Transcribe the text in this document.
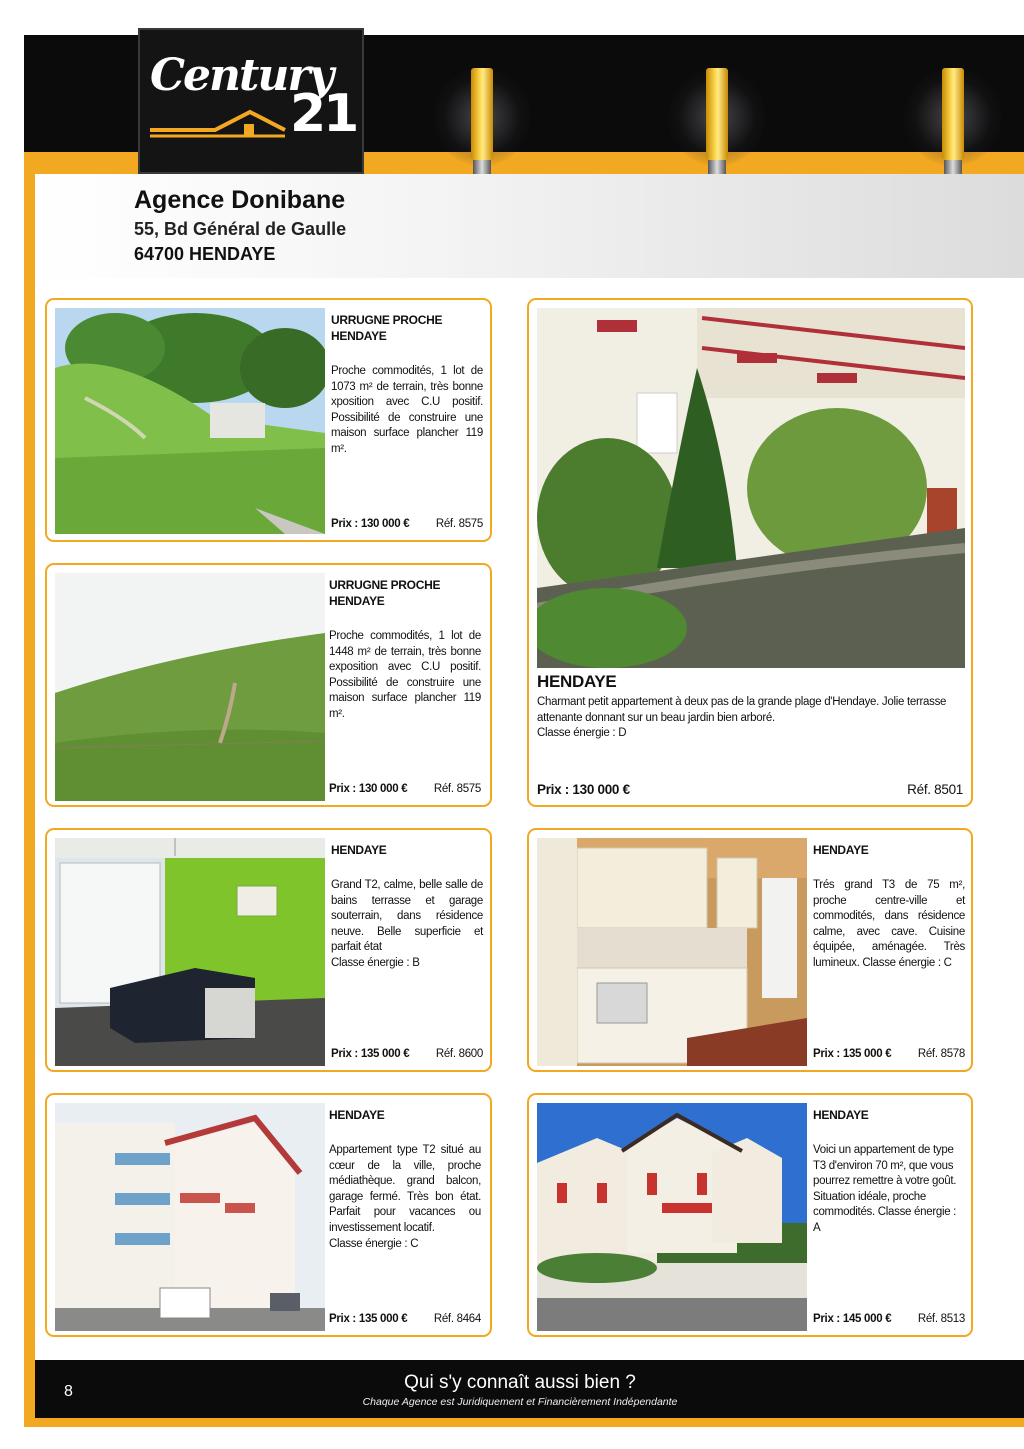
Century
21
Agence Donibane
55, Bd Général de Gaulle
64700 HENDAYE
URRUGNE PROCHE HENDAYE
Proche commodités, 1 lot de 1073 m² de terrain, très bonne xposition avec C.U positif. Possibilité de construire une maison surface plancher 119 m².
Prix : 130 000 €	Réf. 8575
URRUGNE PROCHE HENDAYE
Proche commodités, 1 lot de 1448 m² de terrain, très bonne exposition avec C.U positif. Possibilité de construire une maison surface plancher 119 m².
Prix : 130 000 €	Réf. 8575
HENDAYE
Charmant petit appartement à deux pas de la grande plage d'Hendaye. Jolie terrasse attenante donnant sur un beau jardin bien arboré.
Classe énergie : D
Prix : 130 000 €	Réf. 8501
HENDAYE
Grand T2, calme, belle salle de bains terrasse et garage souterrain, dans résidence neuve. Belle superficie et parfait état
Classe énergie : B
Prix : 135 000 €	Réf. 8600
HENDAYE
Trés grand T3 de 75 m², proche centre-ville et commodités, dans résidence calme, avec cave. Cuisine équipée, aménagée. Très lumineux. Classe énergie : C
Prix : 135 000 €	Réf. 8578
HENDAYE
Appartement type T2 situé au cœur de la ville, proche médiathèque. grand balcon, garage fermé. Très bon état. Parfait pour vacances ou investissement locatif.
Classe énergie : C
Prix : 135 000 €	Réf. 8464
HENDAYE
Voici un appartement de type T3 d'environ 70 m², que vous pourrez remettre à votre goût. Situation idéale, proche commodités. Classe énergie : A
Prix : 145 000 €	Réf. 8513
8	Qui s'y connaît aussi bien ?
Chaque Agence est Juridiquement et Financièrement Indépendante
